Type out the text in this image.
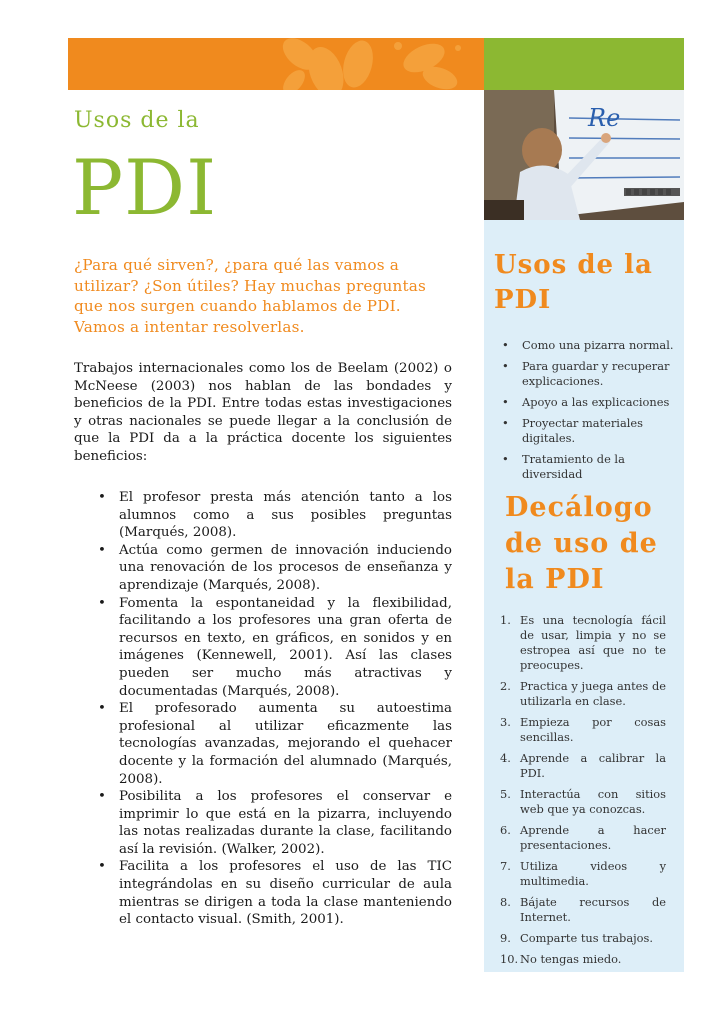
Re
Usos de la
PDI

¿Para qué sirven?, ¿para qué las vamos a utilizar? ¿Son útiles? Hay muchas preguntas que nos surgen cuando hablamos de PDI. Vamos a intentar resolverlas.

Trabajos internacionales como los de Beelam (2002) o McNeese (2003) nos hablan de las bondades y beneficios de la PDI. Entre todas estas investigaciones y otras nacionales se puede llegar a la conclusión de que la PDI da a la práctica docente los siguientes beneficios:

• El profesor presta más atención tanto a los alumnos como a sus posibles preguntas (Marqués, 2008).
• Actúa como germen de innovación induciendo una renovación de los procesos de enseñanza y aprendizaje (Marqués, 2008).
• Fomenta la espontaneidad y la flexibilidad, facilitando a los profesores una gran oferta de recursos en texto, en gráficos, en sonidos y en imágenes (Kennewell, 2001). Así las clases pueden ser mucho más atractivas y documentadas (Marqués, 2008).
• El profesorado aumenta su autoestima profesional al utilizar eficazmente las tecnologías avanzadas, mejorando el quehacer docente y la formación del alumnado (Marqués, 2008).
• Posibilita a los profesores el conservar e imprimir lo que está en la pizarra, incluyendo las notas realizadas durante la clase, facilitando así la revisión. (Walker, 2002).
• Facilita a los profesores el uso de las TIC integrándolas en su diseño curricular de aula mientras se dirigen a toda la clase manteniendo el contacto visual. (Smith, 2001).
Usos de la PDI
• Como una pizarra normal.
• Para guardar y recuperar explicaciones.
• Apoyo a las explicaciones
• Proyectar materiales digitales.
• Tratamiento de la diversidad
Decálogo de uso de la PDI
1. Es una tecnología fácil de usar, limpia y no se estropea así que no te preocupes.
2. Practica y juega antes de utilizarla en clase.
3. Empieza por cosas sencillas.
4. Aprende a calibrar la PDI.
5. Interactúa con sitios web que ya conozcas.
6. Aprende a hacer presentaciones.
7. Utiliza videos y multimedia.
8. Bájate recursos de Internet.
9. Comparte tus trabajos.
10. No tengas miedo.
